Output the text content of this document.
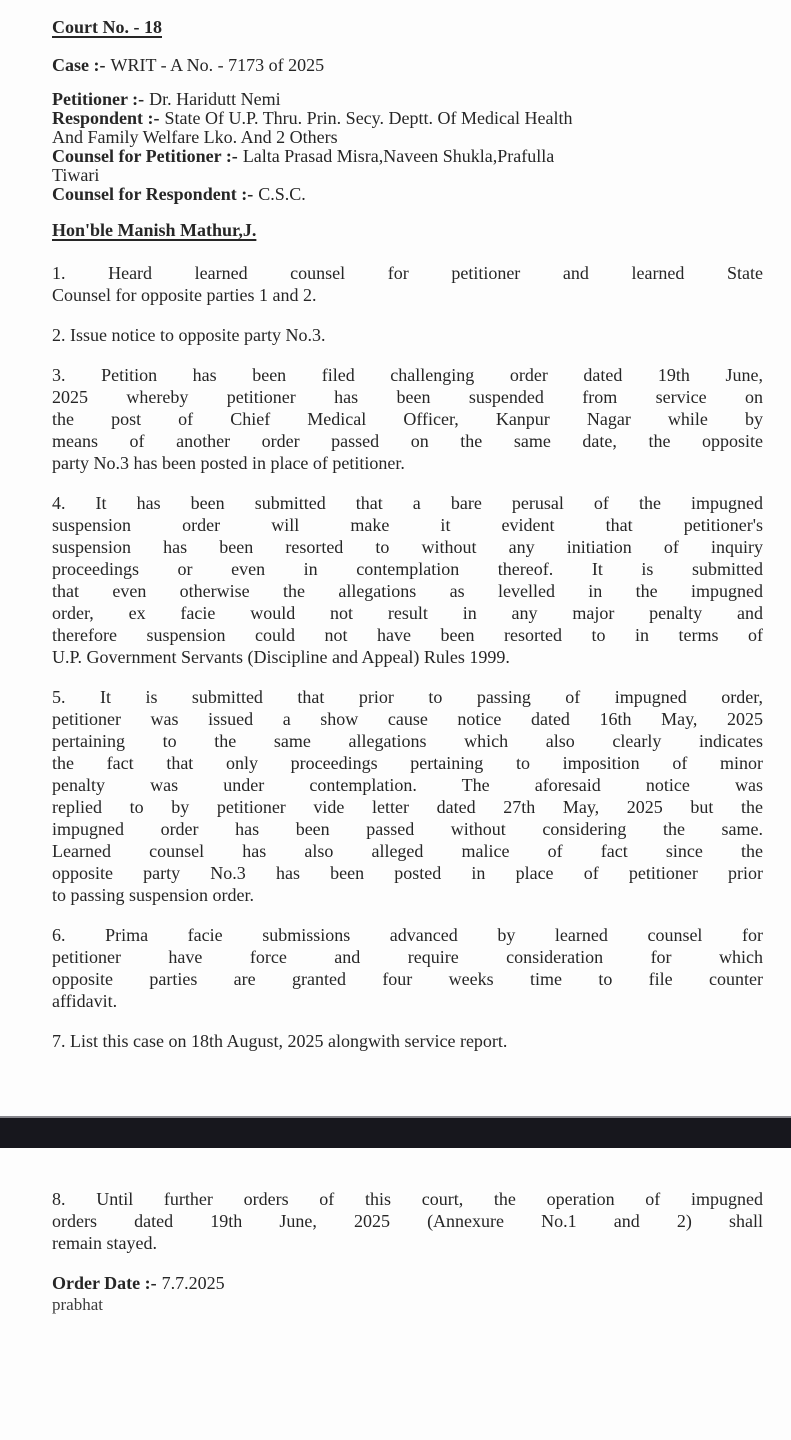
Court No. - 18
Case :- WRIT - A No. - 7173 of 2025
Petitioner :- Dr. Haridutt Nemi
Respondent :- State Of U.P. Thru. Prin. Secy. Deptt. Of Medical Health
And Family Welfare Lko. And 2 Others
Counsel for Petitioner :- Lalta Prasad Misra,Naveen Shukla,Prafulla
Tiwari
Counsel for Respondent :- C.S.C.
Hon'ble Manish Mathur,J.
1. Heard learned counsel for petitioner and learned State
Counsel for opposite parties 1 and 2.
2. Issue notice to opposite party No.3.
3. Petition has been filed challenging order dated 19th June,
2025 whereby petitioner has been suspended from service on
the post of Chief Medical Officer, Kanpur Nagar while by
means of another order passed on the same date, the opposite
party No.3 has been posted in place of petitioner.
4. It has been submitted that a bare perusal of the impugned
suspension order will make it evident that petitioner's
suspension has been resorted to without any initiation of inquiry
proceedings or even in contemplation thereof. It is submitted
that even otherwise the allegations as levelled in the impugned
order, ex facie would not result in any major penalty and
therefore suspension could not have been resorted to in terms of
U.P. Government Servants (Discipline and Appeal) Rules 1999.
5. It is submitted that prior to passing of impugned order,
petitioner was issued a show cause notice dated 16th May, 2025
pertaining to the same allegations which also clearly indicates
the fact that only proceedings pertaining to imposition of minor
penalty was under contemplation. The aforesaid notice was
replied to by petitioner vide letter dated 27th May, 2025 but the
impugned order has been passed without considering the same.
Learned counsel has also alleged malice of fact since the
opposite party No.3 has been posted in place of petitioner prior
to passing suspension order.
6. Prima facie submissions advanced by learned counsel for
petitioner have force and require consideration for which
opposite parties are granted four weeks time to file counter
affidavit.
7. List this case on 18th August, 2025 alongwith service report.
8. Until further orders of this court, the operation of impugned
orders dated 19th June, 2025 (Annexure No.1 and 2) shall
remain stayed.
Order Date :- 7.7.2025
prabhat
